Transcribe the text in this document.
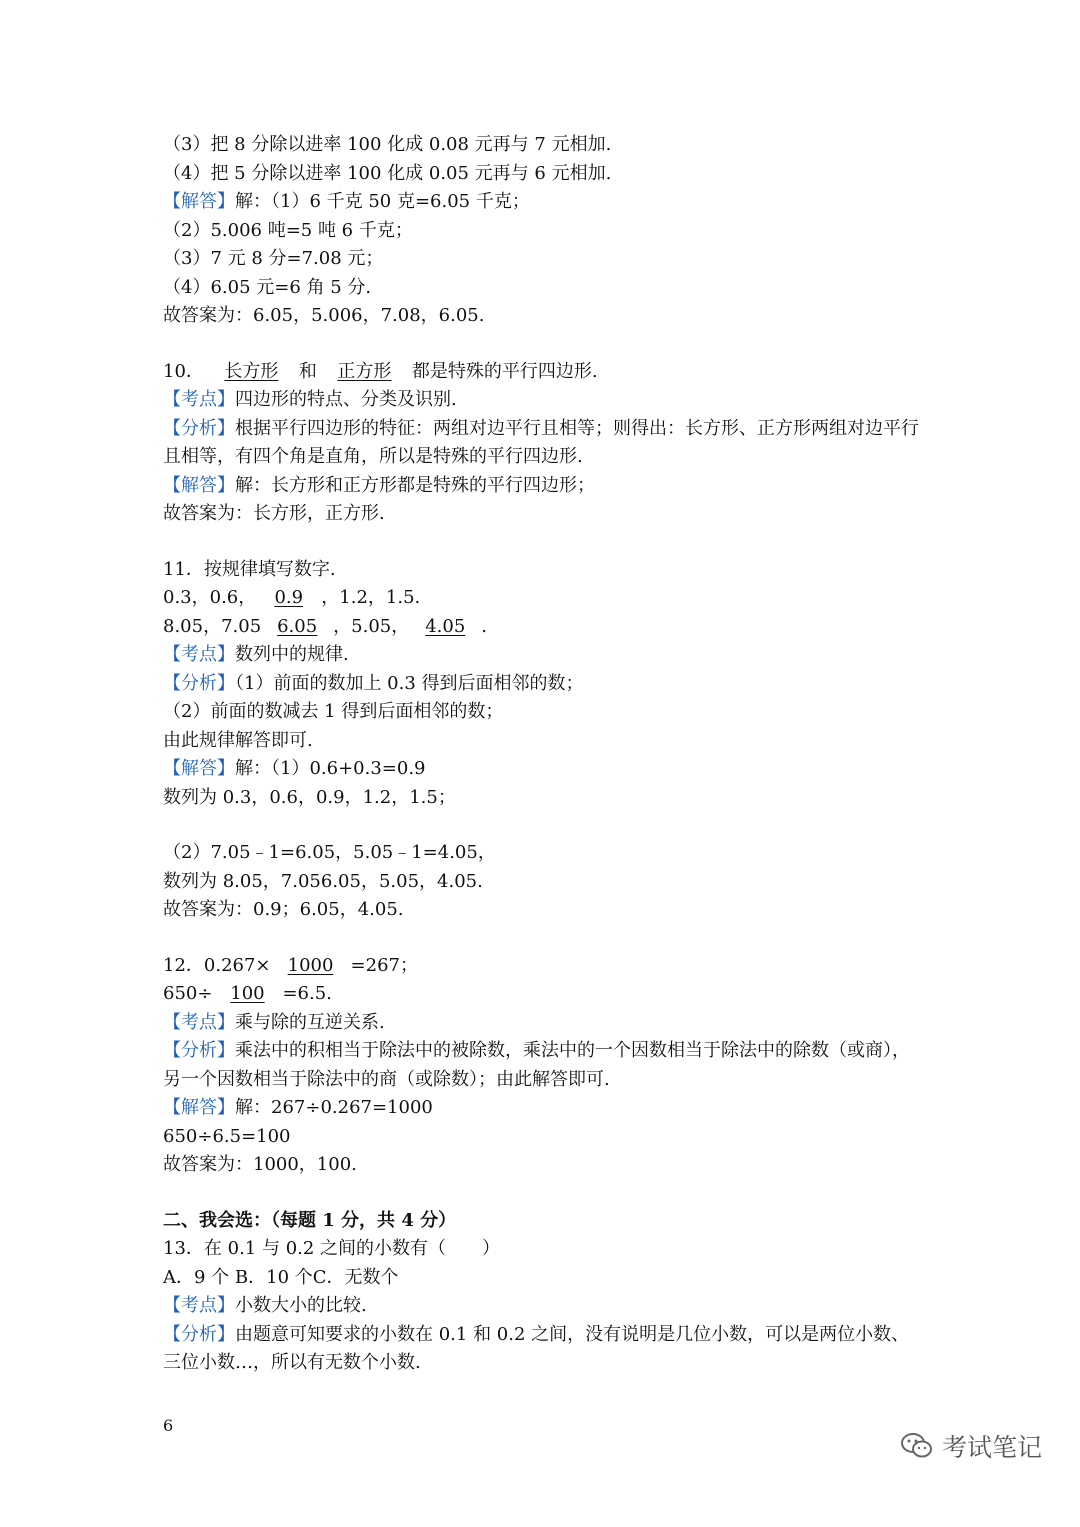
（3）把 8 分除以进率 100 化成 0.08 元再与 7 元相加.
（4）把 5 分除以进率 100 化成 0.05 元再与 6 元相加.
【解答】解：（1）6 千克 50 克=6.05 千克；
（2）5.006 吨=5 吨 6 千克；
（3）7 元 8 分=7.08 元；
（4）6.05 元=6 角 5 分.
故答案为：6.05，5.006，7.08，6.05.
10． 长方形 和 正方形 都是特殊的平行四边形.
【考点】四边形的特点、分类及识别.
【分析】根据平行四边形的特征：两组对边平行且相等；则得出：长方形、正方形两组对边平行且相等，有四个角是直角，所以是特殊的平行四边形.
【解答】解：长方形和正方形都是特殊的平行四边形；
故答案为：长方形，正方形.
11．按规律填写数字.
0.3，0.6， 0.9 ，1.2，1.5.
8.05，7.05 6.05 ，5.05， 4.05 .
【考点】数列中的规律.
【分析】（1）前面的数加上 0.3 得到后面相邻的数；
（2）前面的数减去 1 得到后面相邻的数；
由此规律解答即可.
【解答】解：（1）0.6+0.3=0.9
数列为 0.3，0.6，0.9，1.2，1.5；
（2）7.05﹣1=6.05，5.05﹣1=4.05，
数列为 8.05，7.056.05，5.05，4.05.
故答案为：0.9；6.05，4.05.
12．0.267× 1000 =267；
650÷ 100 =6.5.
【考点】乘与除的互逆关系.
【分析】乘法中的积相当于除法中的被除数，乘法中的一个因数相当于除法中的除数（或商），另一个因数相当于除法中的商（或除数）；由此解答即可.
【解答】解：267÷0.267=1000
650÷6.5=100
故答案为：1000，100.
二、我会选：（每题 1 分，共 4 分）
13．在 0.1 与 0.2 之间的小数有（　　）
A．9 个 B．10 个C．无数个
【考点】小数大小的比较.
【分析】由题意可知要求的小数在 0.1 和 0.2 之间，没有说明是几位小数，可以是两位小数、三位小数…，所以有无数个小数.
6
考试笔记
